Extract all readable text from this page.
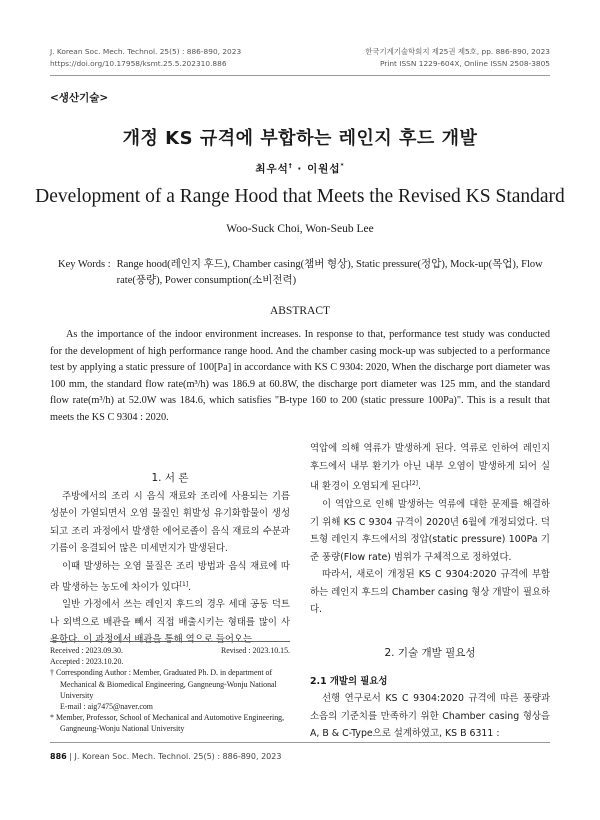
J. Korean Soc. Mech. Technol. 25(5) : 886-890, 2023	한국기계기술학회지 제25권 제5호, pp. 886-890, 2023
https://doi.org/10.17958/ksmt.25.5.202310.886	Print ISSN 1229-604X, Online ISSN 2508-3805
<생산기술>
개정 KS 규격에 부합하는 레인지 후드 개발
최우석† · 이원섭*
Development of a Range Hood that Meets the Revised KS Standard
Woo-Suck Choi, Won-Seub Lee
Key Words : Range hood(레인지 후드), Chamber casing(챔버 형상), Static pressure(정압), Mock-up(목업), Flow rate(풍량), Power consumption(소비전력)
ABSTRACT
As the importance of the indoor environment increases. In response to that, performance test study was conducted for the development of high performance range hood. And the chamber casing mock-up was subjected to a performance test by applying a static pressure of 100[Pa] in accordance with KS C 9304: 2020, When the discharge port diameter was 100 mm, the standard flow rate(m³/h) was 186.9 at 60.8W, the discharge port diameter was 125 mm, and the standard flow rate(m³/h) at 52.0W was 184.6, which satisfies "B-type 160 to 200 (static pressure 100Pa)". This is a result that meets the KS C 9304 : 2020.

1. 서 론

주방에서의 조리 시 음식 재료와 조리에 사용되는 기름 성분이 가열되면서 오염 물질인 휘발성 유기화합물이 생성되고 조리 과정에서 발생한 에어로졸이 음식 재료의 수분과 기름이 응결되어 많은 미세먼지가 발생된다.

이때 발생하는 오염 물질은 조리 방법과 음식 재료에 따라 발생하는 농도에 차이가 있다[1].

일반 가정에서 쓰는 레인지 후드의 경우 세대 공동 덕트나 외벽으로 배관을 빼서 직접 배출시키는 형태를 많이 사용한다. 이 과정에서 배관을 통해 역으로 들어오는

역압에 의해 역류가 발생하게 된다. 역류로 인하여 레인지 후드에서 내부 환기가 아닌 내부 오염이 발생하게 되어 실내 환경이 오염되게 된다[2].

이 역압으로 인해 발생하는 역류에 대한 문제를 해결하기 위해 KS C 9304 규격이 2020년 6월에 개정되었다. 덕트형 레인지 후드에서의 정압(static pressure) 100Pa 기준 풍량(Flow rate) 범위가 구체적으로 정하였다.

따라서, 새로이 개정된 KS C 9304:2020 규격에 부합하는 레인지 후드의 Chamber casing 형상 개발이 필요하다.

2. 기술 개발 필요성

2.1 개발의 필요성

선행 연구로서 KS C 9304:2020 규격에 따른 풍량과 소음의 기준치를 만족하기 위한 Chamber casing 형상을 A, B & C-Type으로 설계하였고, KS B 6311 :

Received : 2023.09.30.	Revised : 2023.10.15.
Accepted : 2023.10.20.
† Corresponding Author : Member, Graduated Ph. D. in department of Mechanical & Biomedical Engineering, Gangneung-Wonju National University
E-mail : aig7475@naver.com
* Member, Professor, School of Mechanical and Automotive Engineering, Gangneung-Wonju National University
886 | J. Korean Soc. Mech. Technol. 25(5) : 886-890, 2023
